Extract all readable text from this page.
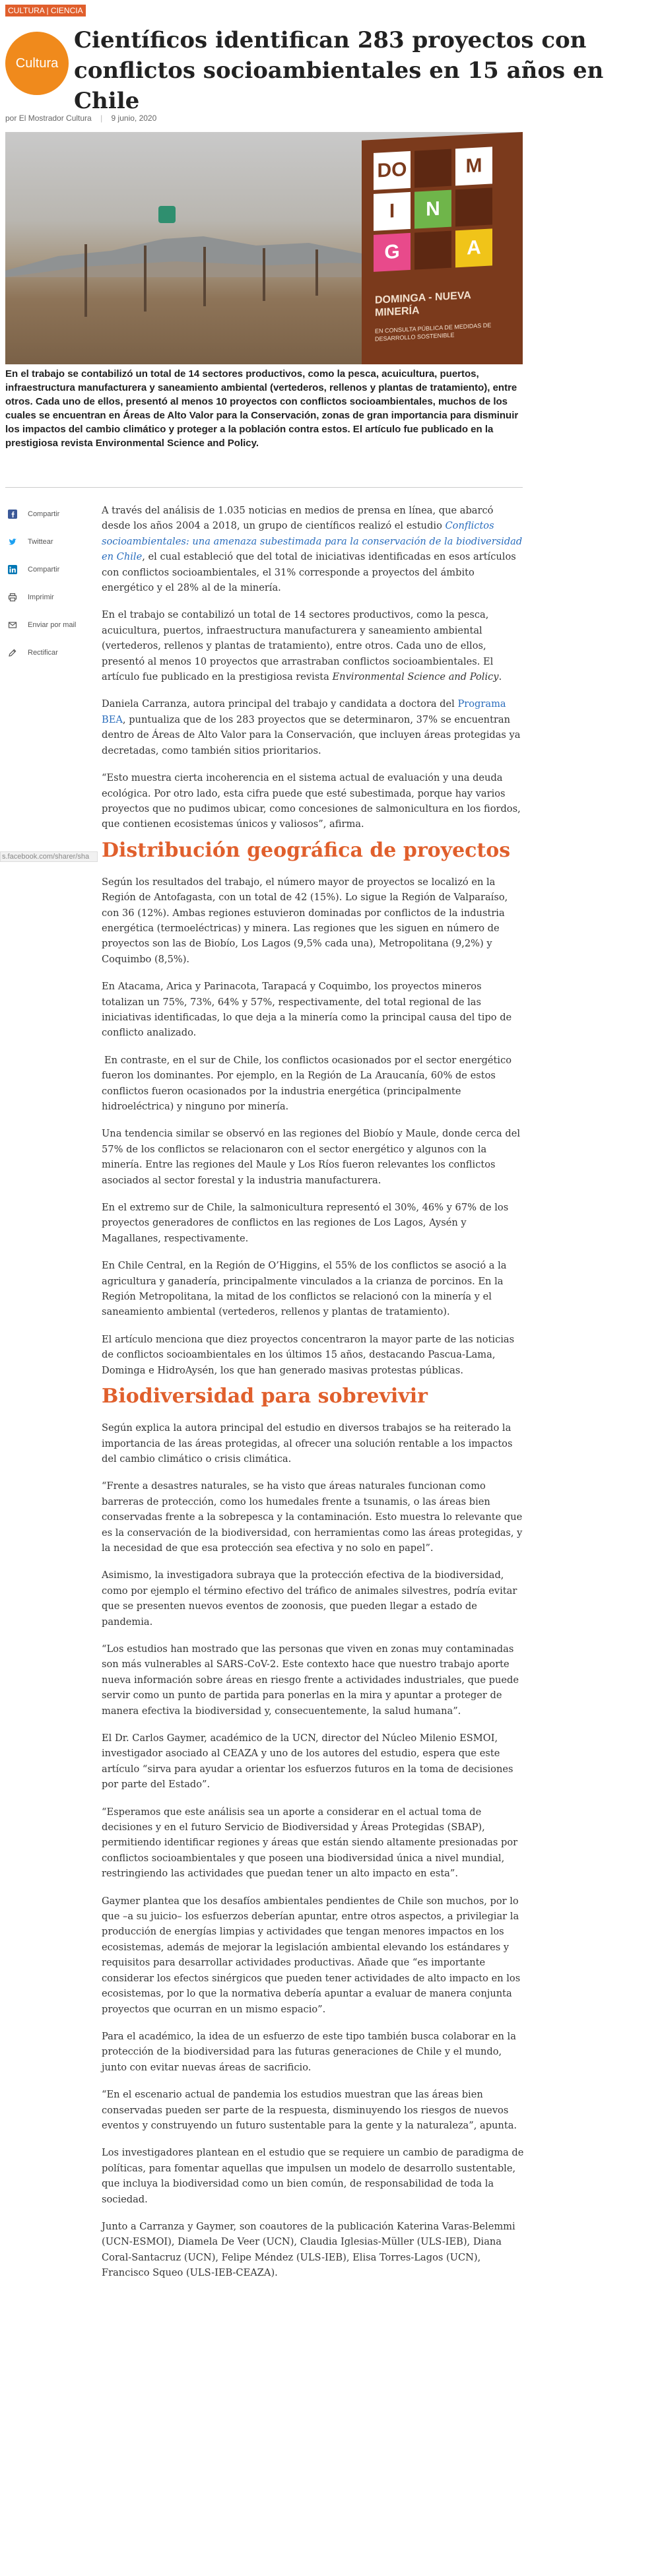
CULTURA | CIENCIA
Cultura
Científicos identifican 283 proyectos con conflictos socioambientales en 15 años en Chile
por El Mostrador Cultura | 9 junio, 2020
DO	M
I	N
G	A
DOMINGA - NUEVA MINERÍA
EN CONSULTA PÚBLICA DE MEDIDAS DE DESARROLLO SOSTENIBLE
En el trabajo se contabilizó un total de 14 sectores productivos, como la pesca, acuicultura, puertos, infraestructura manufacturera y saneamiento ambiental (vertederos, rellenos y plantas de tratamiento), entre otros. Cada uno de ellos, presentó al menos 10 proyectos con conflictos socioambientales, muchos de los cuales se encuentran en Áreas de Alto Valor para la Conservación, zonas de gran importancia para disminuir los impactos del cambio climático y proteger a la población contra estos. El artículo fue publicado en la prestigiosa revista Environmental Science and Policy.
Compartir
Twittear
Compartir
Imprimir
Enviar por mail
Rectificar
s.facebook.com/sharer/sha

A través del análisis de 1.035 noticias en medios de prensa en línea, que abarcó desde los años 2004 a 2018, un grupo de científicos realizó el estudio Conflictos socioambientales: una amenaza subestimada para la conservación de la biodiversidad en Chile, el cual estableció que del total de iniciativas identificadas en esos artículos con conflictos socioambientales, el 31% corresponde a proyectos del ámbito energético y el 28% al de la minería.

En el trabajo se contabilizó un total de 14 sectores productivos, como la pesca, acuicultura, puertos, infraestructura manufacturera y saneamiento ambiental (vertederos, rellenos y plantas de tratamiento), entre otros. Cada uno de ellos, presentó al menos 10 proyectos que arrastraban conflictos socioambientales. El artículo fue publicado en la prestigiosa revista Environmental Science and Policy.

Daniela Carranza, autora principal del trabajo y candidata a doctora del Programa BEA, puntualiza que de los 283 proyectos que se determinaron, 37% se encuentran dentro de Áreas de Alto Valor para la Conservación, que incluyen áreas protegidas ya decretadas, como también sitios prioritarios.

“Esto muestra cierta incoherencia en el sistema actual de evaluación y una deuda ecológica. Por otro lado, esta cifra puede que esté subestimada, porque hay varios proyectos que no pudimos ubicar, como concesiones de salmonicultura en los fiordos, que contienen ecosistemas únicos y valiosos”, afirma.

Distribución geográfica de proyectos

Según los resultados del trabajo, el número mayor de proyectos se localizó en la Región de Antofagasta, con un total de 42 (15%). Lo sigue la Región de Valparaíso, con 36 (12%). Ambas regiones estuvieron dominadas por conflictos de la industria energética (termoeléctricas) y minera. Las regiones que les siguen en número de proyectos son las de Biobío, Los Lagos (9,5% cada una), Metropolitana (9,2%) y Coquimbo (8,5%).

En Atacama, Arica y Parinacota, Tarapacá y Coquimbo, los proyectos mineros totalizan un 75%, 73%, 64% y 57%, respectivamente, del total regional de las iniciativas identificadas, lo que deja a la minería como la principal causa del tipo de conflicto analizado.

En contraste, en el sur de Chile, los conflictos ocasionados por el sector energético fueron los dominantes. Por ejemplo, en la Región de La Araucanía, 60% de estos conflictos fueron ocasionados por la industria energética (principalmente hidroeléctrica) y ninguno por minería.

Una tendencia similar se observó en las regiones del Biobío y Maule, donde cerca del 57% de los conflictos se relacionaron con el sector energético y algunos con la minería. Entre las regiones del Maule y Los Ríos fueron relevantes los conflictos asociados al sector forestal y la industria manufacturera.

En el extremo sur de Chile, la salmonicultura representó el 30%, 46% y 67% de los proyectos generadores de conflictos en las regiones de Los Lagos, Aysén y Magallanes, respectivamente.

En Chile Central, en la Región de O’Higgins, el 55% de los conflictos se asoció a la agricultura y ganadería, principalmente vinculados a la crianza de porcinos. En la Región Metropolitana, la mitad de los conflictos se relacionó con la minería y el saneamiento ambiental (vertederos, rellenos y plantas de tratamiento).

El artículo menciona que diez proyectos concentraron la mayor parte de las noticias de conflictos socioambientales en los últimos 15 años, destacando Pascua-Lama, Dominga e HidroAysén, los que han generado masivas protestas públicas.

Biodiversidad para sobrevivir

Según explica la autora principal del estudio en diversos trabajos se ha reiterado la importancia de las áreas protegidas, al ofrecer una solución rentable a los impactos del cambio climático o crisis climática.

“Frente a desastres naturales, se ha visto que áreas naturales funcionan como barreras de protección, como los humedales frente a tsunamis, o las áreas bien conservadas frente a la sobrepesca y la contaminación. Esto muestra lo relevante que es la conservación de la biodiversidad, con herramientas como las áreas protegidas, y la necesidad de que esa protección sea efectiva y no solo en papel”.

Asimismo, la investigadora subraya que la protección efectiva de la biodiversidad, como por ejemplo el término efectivo del tráfico de animales silvestres, podría evitar que se presenten nuevos eventos de zoonosis, que pueden llegar a estado de pandemia.

“Los estudios han mostrado que las personas que viven en zonas muy contaminadas son más vulnerables al SARS-CoV-2. Este contexto hace que nuestro trabajo aporte nueva información sobre áreas en riesgo frente a actividades industriales, que puede servir como un punto de partida para ponerlas en la mira y apuntar a proteger de manera efectiva la biodiversidad y, consecuentemente, la salud humana”.

El Dr. Carlos Gaymer, académico de la UCN, director del Núcleo Milenio ESMOI, investigador asociado al CEAZA y uno de los autores del estudio, espera que este artículo “sirva para ayudar a orientar los esfuerzos futuros en la toma de decisiones por parte del Estado”.

“Esperamos que este análisis sea un aporte a considerar en el actual toma de decisiones y en el futuro Servicio de Biodiversidad y Áreas Protegidas (SBAP), permitiendo identificar regiones y áreas que están siendo altamente presionadas por conflictos socioambientales y que poseen una biodiversidad única a nivel mundial, restringiendo las actividades que puedan tener un alto impacto en esta”.

Gaymer plantea que los desafíos ambientales pendientes de Chile son muchos, por lo que –a su juicio– los esfuerzos deberían apuntar, entre otros aspectos, a privilegiar la producción de energías limpias y actividades que tengan menores impactos en los ecosistemas, además de mejorar la legislación ambiental elevando los estándares y requisitos para desarrollar actividades productivas. Añade que “es importante considerar los efectos sinérgicos que pueden tener actividades de alto impacto en los ecosistemas, por lo que la normativa debería apuntar a evaluar de manera conjunta proyectos que ocurran en un mismo espacio”.

Para el académico, la idea de un esfuerzo de este tipo también busca colaborar en la protección de la biodiversidad para las futuras generaciones de Chile y el mundo, junto con evitar nuevas áreas de sacrificio.

“En el escenario actual de pandemia los estudios muestran que las áreas bien conservadas pueden ser parte de la respuesta, disminuyendo los riesgos de nuevos eventos y construyendo un futuro sustentable para la gente y la naturaleza”, apunta.

Los investigadores plantean en el estudio que se requiere un cambio de paradigma de políticas, para fomentar aquellas que impulsen un modelo de desarrollo sustentable, que incluya la biodiversidad como un bien común, de responsabilidad de toda la sociedad.

Junto a Carranza y Gaymer, son coautores de la publicación Katerina Varas-Belemmi (UCN-ESMOI), Diamela De Veer (UCN), Claudia Iglesias-Müller (ULS-IEB), Diana Coral-Santacruz (UCN), Felipe Méndez (ULS-IEB), Elisa Torres-Lagos (UCN), Francisco Squeo (ULS-IEB-CEAZA).
